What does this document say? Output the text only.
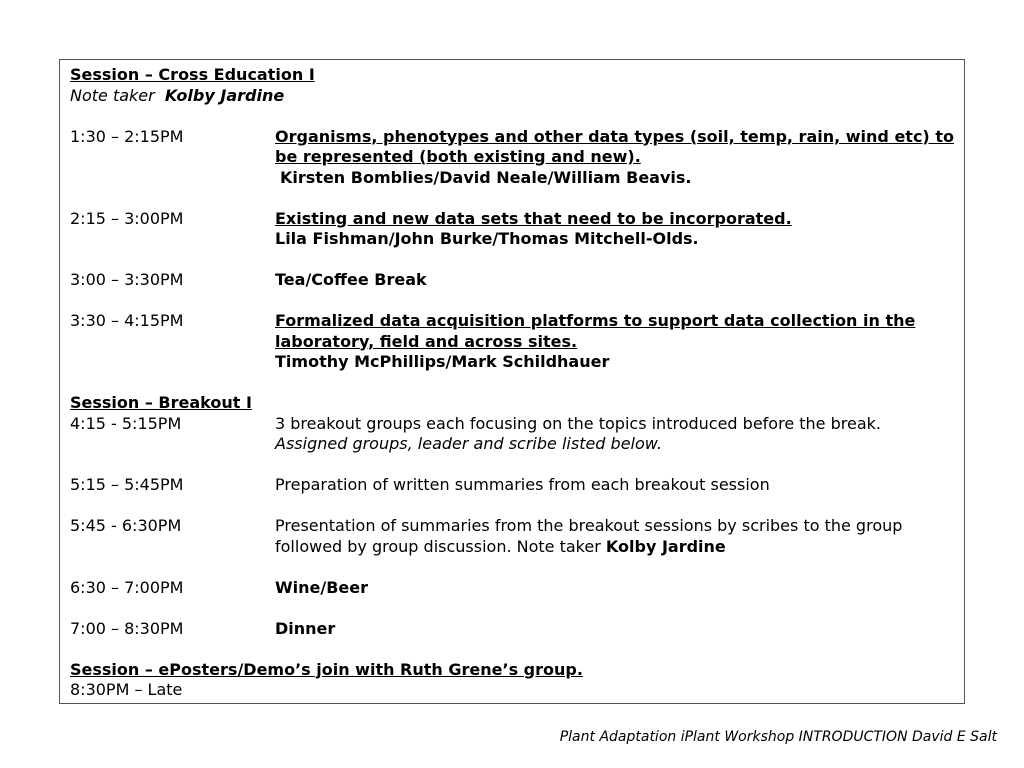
Session – Cross Education I
Note taker Kolby Jardine
1:30 – 2:15PM	Organisms, phenotypes and other data types (soil, temp, rain, wind etc) to be represented (both existing and new).
Kirsten Bomblies/David Neale/William Beavis.
2:15 – 3:00PM	Existing and new data sets that need to be incorporated.
Lila Fishman/John Burke/Thomas Mitchell-Olds.
3:00 – 3:30PM	Tea/Coffee Break
3:30 – 4:15PM	Formalized data acquisition platforms to support data collection in the laboratory, field and across sites.
Timothy McPhillips/Mark Schildhauer
Session – Breakout I
4:15 - 5:15PM	3 breakout groups each focusing on the topics introduced before the break.
Assigned groups, leader and scribe listed below.
5:15 – 5:45PM	Preparation of written summaries from each breakout session
5:45 - 6:30PM	Presentation of summaries from the breakout sessions by scribes to the group followed by group discussion. Note taker Kolby Jardine
6:30 – 7:00PM	Wine/Beer
7:00 – 8:30PM	Dinner
Session – ePosters/Demo’s join with Ruth Grene’s group.
8:30PM – Late
Plant Adaptation iPlant Workshop INTRODUCTION David E Salt
